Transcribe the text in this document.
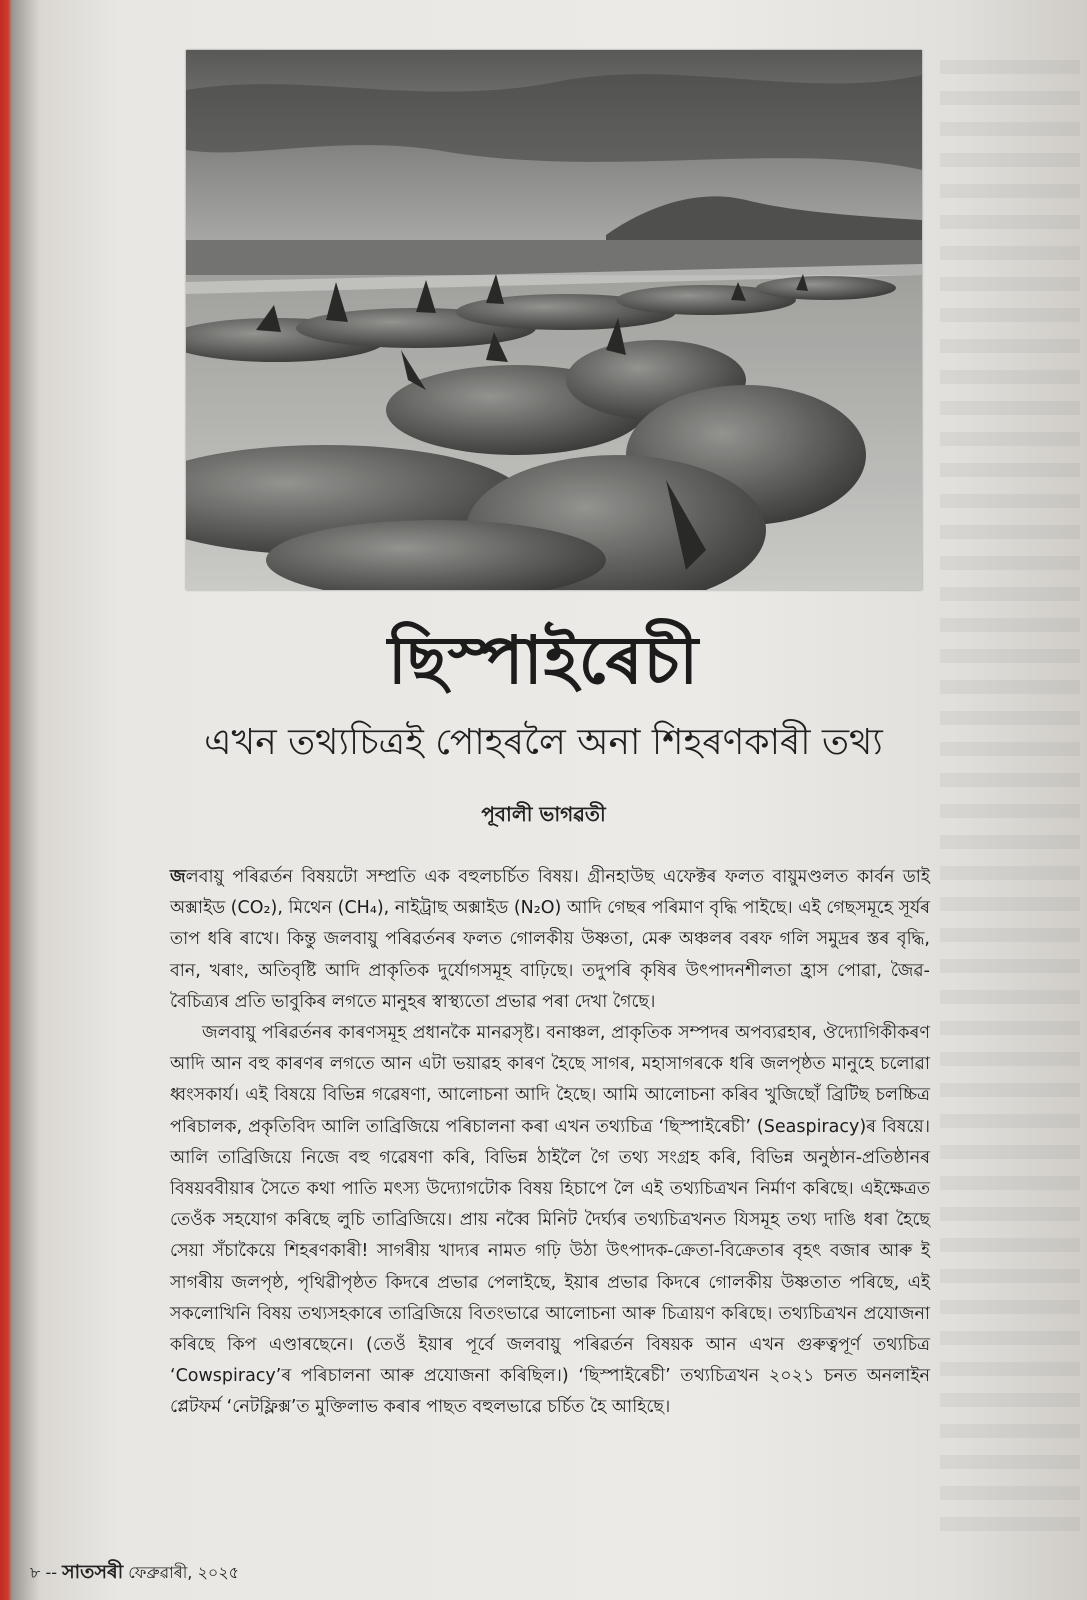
ছিস্পাইৰেচী
এখন তথ্যচিত্ৰই পোহৰলৈ অনা শিহৰণকাৰী তথ্য
পূবালী ভাগৱতী

জলবায়ু পৰিৱৰ্তন বিষয়টো সম্প্ৰতি এক বহুলচৰ্চিত বিষয়। গ্ৰীনহাউছ এফেক্টৰ ফলত বায়ুমণ্ডলত কাৰ্বন ডাই অক্সাইড (CO₂), মিথেন (CH₄), নাইট্ৰাছ অক্সাইড (N₂O) আদি গেছৰ পৰিমাণ বৃদ্ধি পাইছে। এই গেছসমূহে সূৰ্যৰ তাপ ধৰি ৰাখে। কিন্তু জলবায়ু পৰিৱৰ্তনৰ ফলত গোলকীয় উষ্ণতা, মেৰু অঞ্চলৰ বৰফ গলি সমুদ্ৰৰ স্তৰ বৃদ্ধি, বান, খৰাং, অতিবৃষ্টি আদি প্ৰাকৃতিক দুৰ্যোগসমূহ বাঢ়িছে। তদুপৰি কৃষিৰ উৎপাদনশীলতা হ্ৰাস পোৱা, জৈৱ-বৈচিত্ৰ্যৰ প্ৰতি ভাবুকিৰ লগতে মানুহৰ স্বাস্থ্যতো প্ৰভাৱ পৰা দেখা গৈছে।

জলবায়ু পৰিৱৰ্তনৰ কাৰণসমূহ প্ৰধানকৈ মানৱসৃষ্ট। বনাঞ্চল, প্ৰাকৃতিক সম্পদৰ অপব্যৱহাৰ, ঔদ্যোগিকীকৰণ আদি আন বহু কাৰণৰ লগতে আন এটা ভয়াৱহ কাৰণ হৈছে সাগৰ, মহাসাগৰকে ধৰি জলপৃষ্ঠত মানুহে চলোৱা ধ্বংসকাৰ্য। এই বিষয়ে বিভিন্ন গৱেষণা, আলোচনা আদি হৈছে। আমি আলোচনা কৰিব খুজিছোঁ ব্ৰিটিছ চলচ্চিত্ৰ পৰিচালক, প্ৰকৃতিবিদ আলি তাব্ৰিজিয়ে পৰিচালনা কৰা এখন তথ্যচিত্ৰ ‘ছিস্পাইৰেচী’ (Seaspiracy)ৰ বিষয়ে। আলি তাব্ৰিজিয়ে নিজে বহু গৱেষণা কৰি, বিভিন্ন ঠাইলৈ গৈ তথ্য সংগ্ৰহ কৰি, বিভিন্ন অনুষ্ঠান-প্ৰতিষ্ঠানৰ বিষয়ববীয়াৰ সৈতে কথা পাতি মৎস্য উদ্যোগটোক বিষয় হিচাপে লৈ এই তথ্যচিত্ৰখন নিৰ্মাণ কৰিছে। এইক্ষেত্ৰত তেওঁক সহযোগ কৰিছে লুচি তাব্ৰিজিয়ে। প্ৰায় নব্বৈ মিনিট দৈৰ্ঘ্যৰ তথ্যচিত্ৰখনত যিসমূহ তথ্য দাঙি ধৰা হৈছে সেয়া সঁচাকৈয়ে শিহৰণকাৰী! সাগৰীয় খাদ্যৰ নামত গঢ়ি উঠা উৎপাদক-ক্ৰেতা-বিক্ৰেতাৰ বৃহৎ বজাৰ আৰু ই সাগৰীয় জলপৃষ্ঠ, পৃথিৱীপৃষ্ঠত কিদৰে প্ৰভাৱ পেলাইছে, ইয়াৰ প্ৰভাৱ কিদৰে গোলকীয় উষ্ণতাত পৰিছে, এই সকলোখিনি বিষয় তথ্যসহকাৰে তাব্ৰিজিয়ে বিতংভাৱে আলোচনা আৰু চিত্ৰায়ণ কৰিছে। তথ্যচিত্ৰখন প্ৰযোজনা কৰিছে কিপ এণ্ডাৰছেনে। (তেওঁ ইয়াৰ পূৰ্বে জলবায়ু পৰিৱৰ্তন বিষয়ক আন এখন গুৰুত্বপূৰ্ণ তথ্যচিত্ৰ ‘Cowspiracy’ৰ পৰিচালনা আৰু প্ৰযোজনা কৰিছিল।) ‘ছিস্পাইৰেচী’ তথ্যচিত্ৰখন ২০২১ চনত অনলাইন প্লেটফৰ্ম ‘নেটফ্লিক্স’ত মুক্তিলাভ কৰাৰ পাছত বহুলভাৱে চৰ্চিত হৈ আহিছে।

৮ -- সাতসৰী ফেব্ৰুৱাৰী, ২০২৫
